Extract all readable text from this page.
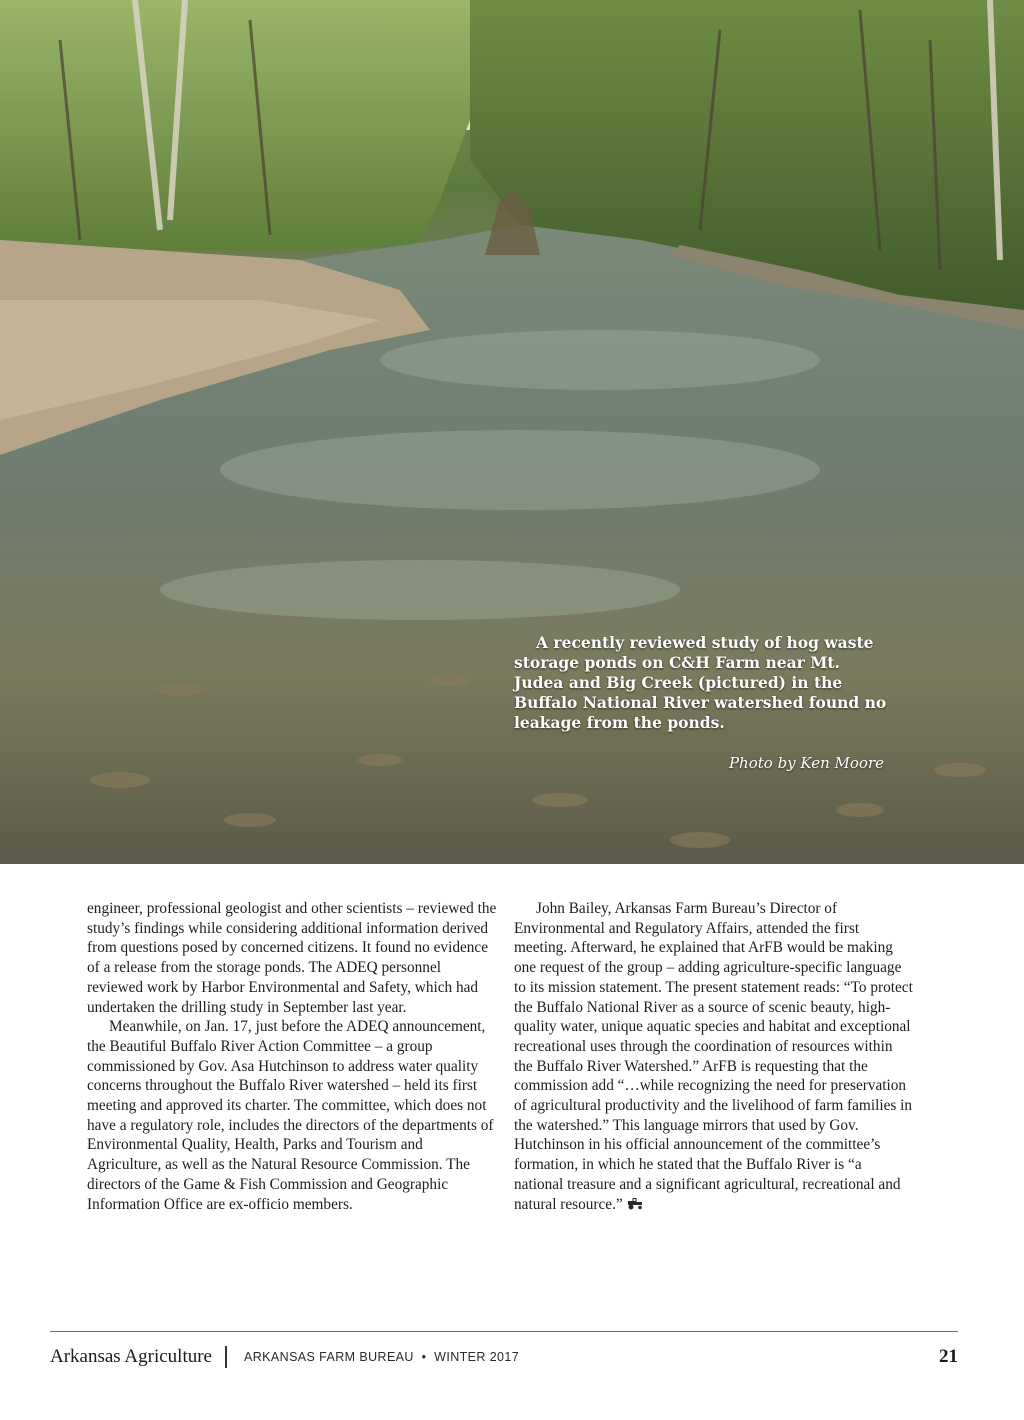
A recently reviewed study of hog waste storage ponds on C&H Farm near Mt. Judea and Big Creek (pictured) in the Buffalo National River watershed found no leakage from the ponds.

Photo by Ken Moore

engineer, professional geologist and other scientists – reviewed the study’s findings while considering additional information derived from questions posed by concerned citizens. It found no evidence of a release from the storage ponds. The ADEQ personnel reviewed work by Harbor Environmental and Safety, which had undertaken the drilling study in September last year.

Meanwhile, on Jan. 17, just before the ADEQ announcement, the Beautiful Buffalo River Action Committee – a group commissioned by Gov. Asa Hutchinson to address water quality concerns throughout the Buffalo River watershed – held its first meeting and approved its charter. The committee, which does not have a regulatory role, includes the directors of the departments of Environmental Quality, Health, Parks and Tourism and Agriculture, as well as the Natural Resource Commission. The directors of the Game & Fish Commission and Geographic Information Office are ex-officio members.

John Bailey, Arkansas Farm Bureau’s Director of Environmental and Regulatory Affairs, attended the first meeting. Afterward, he explained that ArFB would be making one request of the group – adding agriculture-specific language to its mission statement. The present statement reads: “To protect the Buffalo National River as a source of scenic beauty, high-quality water, unique aquatic species and habitat and exceptional recreational uses through the coordination of resources within the Buffalo River Watershed.” ArFB is requesting that the commission add “…while recognizing the need for preservation of agricultural productivity and the livelihood of farm families in the watershed.” This language mirrors that used by Gov. Hutchinson in his official announcement of the committee’s formation, in which he stated that the Buffalo River is “a national treasure and a significant agricultural, recreational and natural resource.”

Arkansas Agriculture	ARKANSAS FARM BUREAU • WINTER 2017	21
